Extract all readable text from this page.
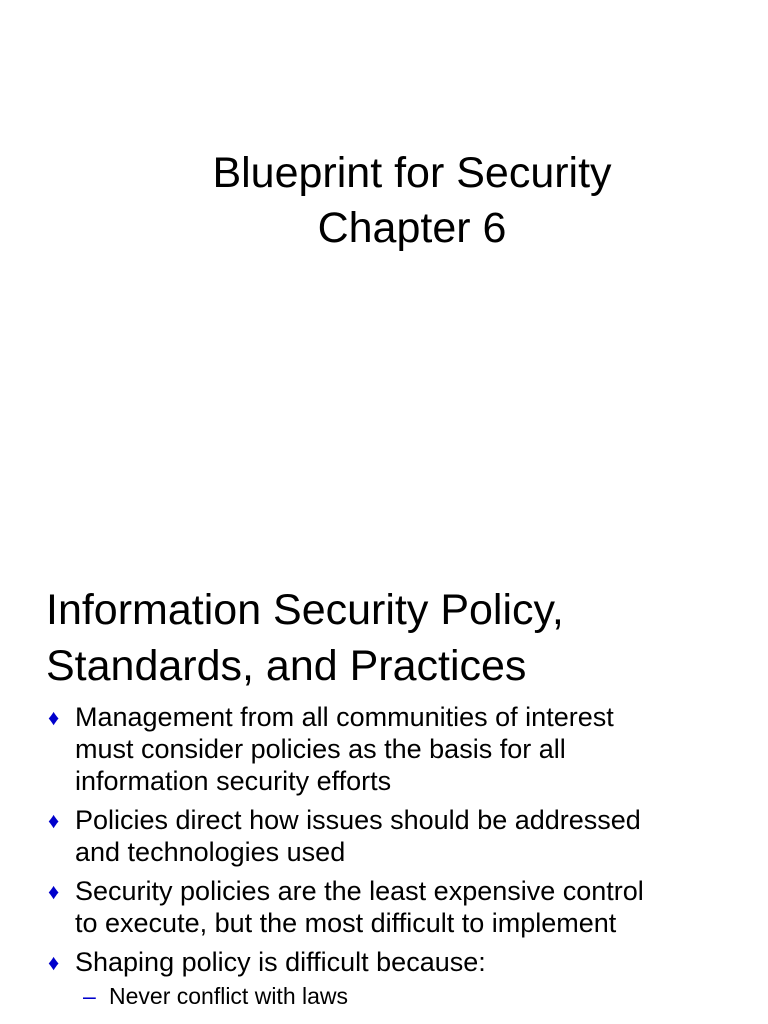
Blueprint for Security
Chapter 6
Information Security Policy,
Standards, and Practices
♦ Management from all communities of interest
must consider policies as the basis for all
information security efforts
♦ Policies direct how issues should be addressed
and technologies used
♦ Security policies are the least expensive control
to execute, but the most difficult to implement
♦ Shaping policy is difficult because:
– Never conflict with laws
